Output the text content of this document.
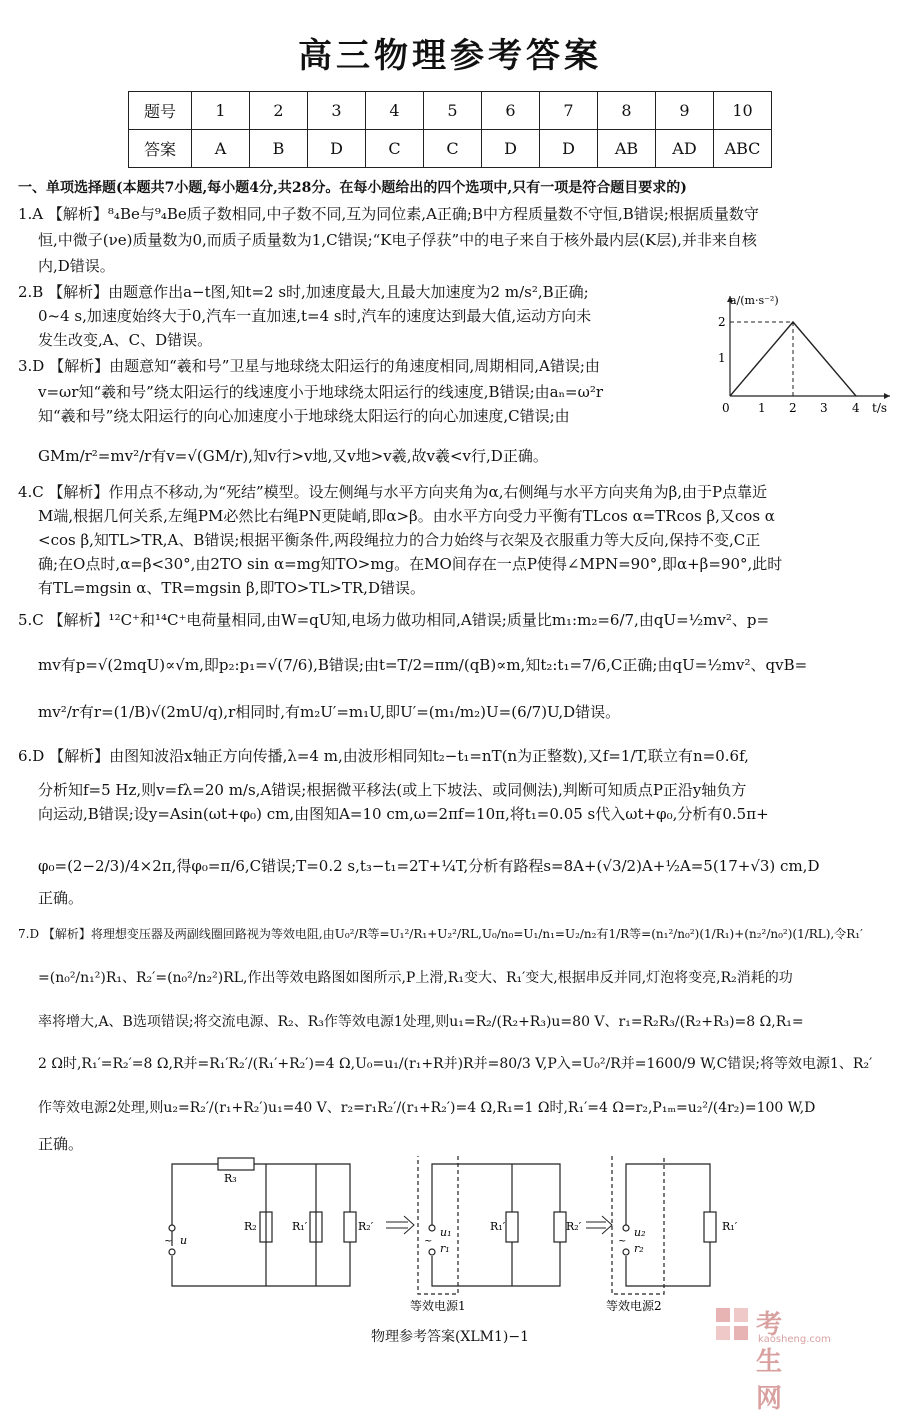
高三物理参考答案
题号	1	2	3	4	5	6	7	8	9	10
答案	A	B	D	C	C	D	D	AB	AD	ABC
一、单项选择题(本题共7小题,每小题4分,共28分。在每小题给出的四个选项中,只有一项是符合题目要求的)
1.A 【解析】⁸₄Be与⁹₄Be质子数相同,中子数不同,互为同位素,A正确;B中方程质量数不守恒,B错误;根据质量数守
恒,中微子(νe)质量数为0,而质子质量数为1,C错误;“K电子俘获”中的电子来自于核外最内层(K层),并非来自核
内,D错误。
2.B 【解析】由题意作出a−t图,知t=2 s时,加速度最大,且最大加速度为2 m/s²,B正确;
0~4 s,加速度始终大于0,汽车一直加速,t=4 s时,汽车的速度达到最大值,运动方向未
发生改变,A、C、D错误。
3.D 【解析】由题意知“羲和号”卫星与地球绕太阳运行的角速度相同,周期相同,A错误;由
v=ωr知“羲和号”绕太阳运行的线速度小于地球绕太阳运行的线速度,B错误;由aₙ=ω²r
知“羲和号”绕太阳运行的向心加速度小于地球绕太阳运行的向心加速度,C错误;由
GMm/r²=mv²/r有v=√(GM/r),知v行>v地,又v地>v羲,故v羲<v行,D正确。
a/(m·s⁻²)
t/s
1
2
0 1 2 3 4
4.C 【解析】作用点不移动,为“死结”模型。设左侧绳与水平方向夹角为α,右侧绳与水平方向夹角为β,由于P点靠近
M端,根据几何关系,左绳PM必然比右绳PN更陡峭,即α>β。由水平方向受力平衡有TLcos α=TRcos β,又cos α
<cos β,知TL>TR,A、B错误;根据平衡条件,两段绳拉力的合力始终与衣架及衣服重力等大反向,保持不变,C正
确;在O点时,α=β<30°,由2TO sin α=mg知TO>mg。在MO间存在一点P使得∠MPN=90°,即α+β=90°,此时
有TL=mgsin α、TR=mgsin β,即TO>TL>TR,D错误。
5.C 【解析】¹²C⁺和¹⁴C⁺电荷量相同,由W=qU知,电场力做功相同,A错误;质量比m₁:m₂=6/7,由qU=½mv²、p=
mv有p=√(2mqU)∝√m,即p₂:p₁=√(7/6),B错误;由t=T/2=πm/(qB)∝m,知t₂:t₁=7/6,C正确;由qU=½mv²、qvB=
mv²/r有r=(1/B)√(2mU/q),r相同时,有m₂U′=m₁U,即U′=(m₁/m₂)U=(6/7)U,D错误。
6.D 【解析】由图知波沿x轴正方向传播,λ=4 m,由波形相同知t₂−t₁=nT(n为正整数),又f=1/T,联立有n=0.6f,
分析知f=5 Hz,则v=fλ=20 m/s,A错误;根据微平移法(或上下坡法、或同侧法),判断可知质点P正沿y轴负方
向运动,B错误;设y=Asin(ωt+φ₀) cm,由图知A=10 cm,ω=2πf=10π,将t₁=0.05 s代入ωt+φ₀,分析有0.5π+
φ₀=(2−2/3)/4×2π,得φ₀=π/6,C错误;T=0.2 s,t₃−t₁=2T+¼T,分析有路程s=8A+(√3/2)A+½A=5(17+√3) cm,D
正确。
7.D 【解析】将理想变压器及两副线圈回路视为等效电阻,由U₀²/R等=U₁²/R₁+U₂²/RL,U₀/n₀=U₁/n₁=U₂/n₂有1/R等=(n₁²/n₀²)(1/R₁)+(n₂²/n₀²)(1/RL),令R₁′
=(n₀²/n₁²)R₁、R₂′=(n₀²/n₂²)RL,作出等效电路图如图所示,P上滑,R₁变大、R₁′变大,根据串反并同,灯泡将变亮,R₂消耗的功
率将增大,A、B选项错误;将交流电源、R₂、R₃作等效电源1处理,则u₁=R₂/(R₂+R₃)u=80 V、r₁=R₂R₃/(R₂+R₃)=8 Ω,R₁=
2 Ω时,R₁′=R₂′=8 Ω,R并=R₁′R₂′/(R₁′+R₂′)=4 Ω,U₀=u₁/(r₁+R并)R并=80/3 V,P入=U₀²/R并=1600/9 W,C错误;将等效电源1、R₂′
作等效电源2处理,则u₂=R₂′/(r₁+R₂′)u₁=40 V、r₂=r₁R₂′/(r₁+R₂′)=4 Ω,R₁=1 Ω时,R₁′=4 Ω=r₂,P₁ₘ=u₂²/(4r₂)=100 W,D
正确。
R₃
~ u
R₂	R₁′	R₂′
~
u₁
r₁
R₁′	R₂′
等效电源1
~
u₂
r₂
R₁′
等效电源2
考生网
kaosheng.com
物理参考答案(XLM1)−1
